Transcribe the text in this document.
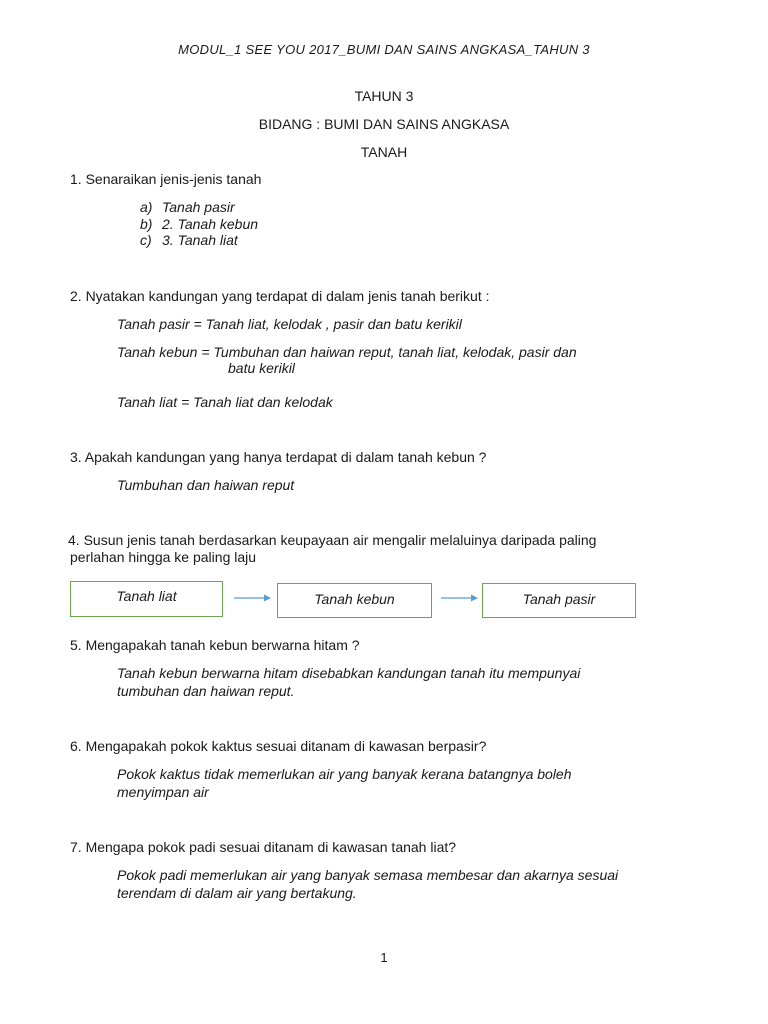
MODUL_1 SEE YOU 2017_BUMI DAN SAINS ANGKASA_TAHUN 3
TAHUN 3
BIDANG : BUMI DAN SAINS ANGKASA
TANAH
1. Senaraikan jenis-jenis tanah
a) Tanah pasir
b) 2. Tanah kebun
c) 3. Tanah liat
2. Nyatakan kandungan yang terdapat di dalam jenis tanah berikut :
Tanah pasir = Tanah liat, kelodak , pasir dan batu kerikil
Tanah kebun = Tumbuhan dan haiwan reput, tanah liat, kelodak, pasir dan
batu kerikil
Tanah liat = Tanah liat dan kelodak
3. Apakah kandungan yang hanya terdapat di dalam tanah kebun ?
Tumbuhan dan haiwan reput
4. Susun jenis tanah berdasarkan keupayaan air mengalir melaluinya daripada paling
perlahan hingga ke paling laju
Tanah liat	Tanah kebun	Tanah pasir
5. Mengapakah tanah kebun berwarna hitam ?
Tanah kebun berwarna hitam disebabkan kandungan tanah itu mempunyai
tumbuhan dan haiwan reput.
6. Mengapakah pokok kaktus sesuai ditanam di kawasan berpasir?
Pokok kaktus tidak memerlukan air yang banyak kerana batangnya boleh
menyimpan air
7. Mengapa pokok padi sesuai ditanam di kawasan tanah liat?
Pokok padi memerlukan air yang banyak semasa membesar dan akarnya sesuai
terendam di dalam air yang bertakung.
1
